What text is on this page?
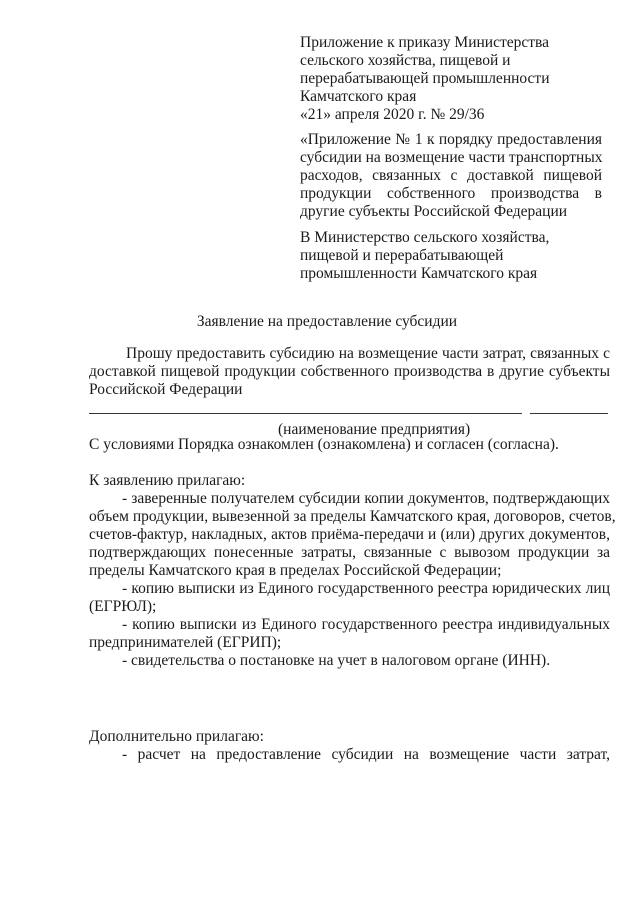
Приложение к приказу Министерства
сельского хозяйства, пищевой и
перерабатывающей промышленности
Камчатского края
«21» апреля 2020 г. № 29/36
«Приложение № 1 к порядку предоставления
субсидии на возмещение части транспортных
расходов, связанных с доставкой пищевой
продукции собственного производства в
другие субъекты Российской Федерации
В Министерство сельского хозяйства,
пищевой и перерабатывающей
промышленности Камчатского края
Заявление на предоставление субсидии
Прошу предоставить субсидию на возмещение части затрат, связанных с
доставкой пищевой продукции собственного производства в другие субъекты
Российской Федерации
(наименование предприятия)
С условиями Порядка ознакомлен (ознакомлена) и согласен (согласна).
К заявлению прилагаю:
- заверенные получателем субсидии копии документов, подтверждающих
объем продукции, вывезенной за пределы Камчатского края, договоров, счетов,
счетов-фактур, накладных, актов приёма-передачи и (или) других документов,
подтверждающих понесенные затраты, связанные с вывозом продукции за
пределы Камчатского края в пределах Российской Федерации;
- копию выписки из Единого государственного реестра юридических лиц
(ЕГРЮЛ);
- копию выписки из Единого государственного реестра индивидуальных
предпринимателей (ЕГРИП);
- свидетельства о постановке на учет в налоговом органе (ИНН).
Дополнительно прилагаю:
- расчет на предоставление субсидии на возмещение части затрат,
